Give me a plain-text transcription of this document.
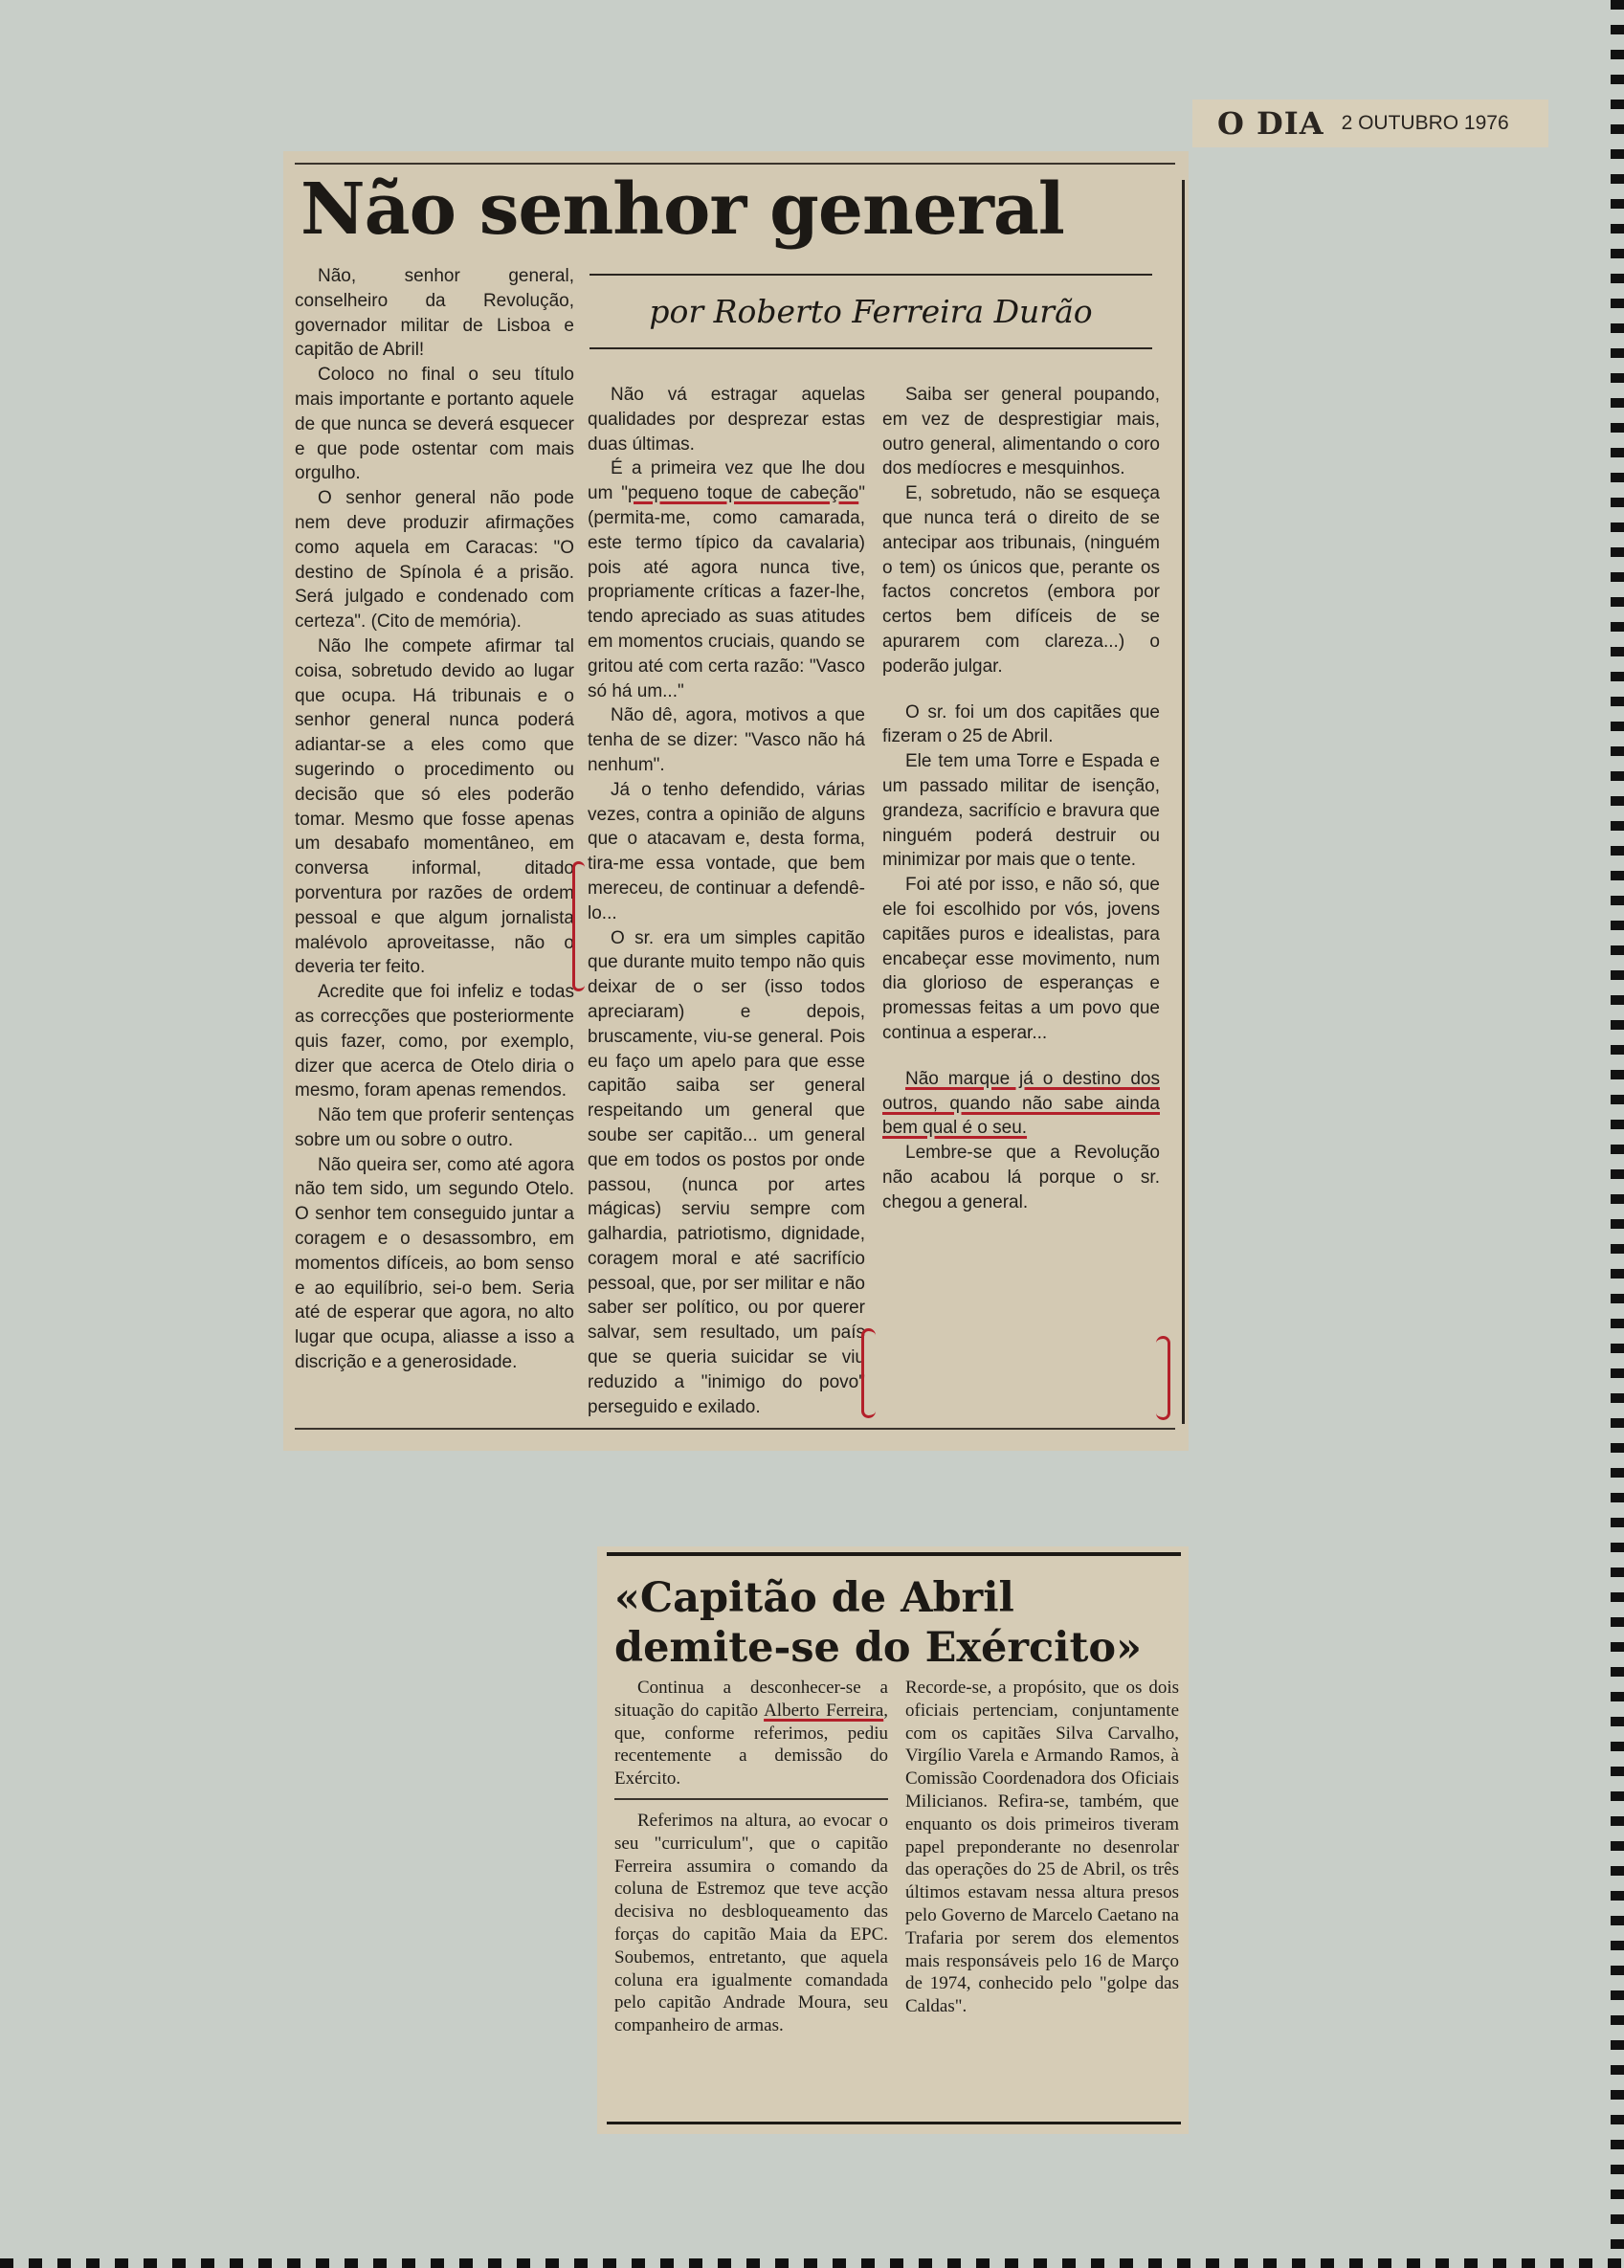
O DIA 2 OUTUBRO 1976
Não senhor general
por Roberto Ferreira Durão

Não, senhor general, conselheiro da Revolução, governador militar de Lisboa e capitão de Abril!

Coloco no final o seu título mais importante e portanto aquele de que nunca se deverá esquecer e que pode ostentar com mais orgulho.

O senhor general não pode nem deve produzir afirmações como aquela em Caracas: "O destino de Spínola é a prisão. Será julgado e condenado com certeza". (Cito de memória).

Não lhe compete afirmar tal coisa, sobretudo devido ao lugar que ocupa. Há tribunais e o senhor general nunca poderá adiantar-se a eles como que sugerindo o procedimento ou decisão que só eles poderão tomar. Mesmo que fosse apenas um desabafo momentâneo, em conversa informal, ditado porventura por razões de ordem pessoal e que algum jornalista malévolo aproveitasse, não o deveria ter feito.

Acredite que foi infeliz e todas as correcções que posteriormente quis fazer, como, por exemplo, dizer que acerca de Otelo diria o mesmo, foram apenas remendos.

Não tem que proferir sentenças sobre um ou sobre o outro.

Não queira ser, como até agora não tem sido, um segundo Otelo. O senhor tem conseguido juntar a coragem e o desassombro, em momentos difíceis, ao bom senso e ao equilíbrio, sei-o bem. Seria até de esperar que agora, no alto lugar que ocupa, aliasse a isso a discrição e a generosidade.

Não vá estragar aquelas qualidades por desprezar estas duas últimas.

É a primeira vez que lhe dou um "pequeno toque de cabeção" (permita-me, como camarada, este termo típico da cavalaria) pois até agora nunca tive, propriamente críticas a fazer-lhe, tendo apreciado as suas atitudes em momentos cruciais, quando se gritou até com certa razão: "Vasco só há um..."

Não dê, agora, motivos a que tenha de se dizer: "Vasco não há nenhum".

Já o tenho defendido, várias vezes, contra a opinião de alguns que o atacavam e, desta forma, tira-me essa vontade, que bem mereceu, de continuar a defendê-lo...

O sr. era um simples capitão que durante muito tempo não quis deixar de o ser (isso todos apreciaram) e depois, bruscamente, viu-se general. Pois eu faço um apelo para que esse capitão saiba ser general respeitando um general que soube ser capitão... um general que em todos os postos por onde passou, (nunca por artes mágicas) serviu sempre com galhardia, patriotismo, dignidade, coragem moral e até sacrifício pessoal, que, por ser militar e não saber ser político, ou por querer salvar, sem resultado, um país que se queria suicidar se viu reduzido a "inimigo do povo" perseguido e exilado.

Saiba ser general poupando, em vez de desprestigiar mais, outro general, alimentando o coro dos medíocres e mesquinhos.

E, sobretudo, não se esqueça que nunca terá o direito de se antecipar aos tribunais, (ninguém o tem) os únicos que, perante os factos concretos (embora por certos bem difíceis de se apurarem com clareza...) o poderão julgar.

O sr. foi um dos capitães que fizeram o 25 de Abril.

Ele tem uma Torre e Espada e um passado militar de isenção, grandeza, sacrifício e bravura que ninguém poderá destruir ou minimizar por mais que o tente.

Foi até por isso, e não só, que ele foi escolhido por vós, jovens capitães puros e idealistas, para encabeçar esse movimento, num dia glorioso de esperanças e promessas feitas a um povo que continua a esperar...

Não marque já o destino dos outros, quando não sabe ainda bem qual é o seu.

Lembre-se que a Revolução não acabou lá porque o sr. chegou a general.

«Capitão de Abril demite-se do Exército»

Continua a desconhecer-se a situação do capitão Alberto Ferreira, que, conforme referimos, pediu recentemente a demissão do Exército.

Referimos na altura, ao evocar o seu "curriculum", que o capitão Ferreira assumira o comando da coluna de Estremoz que teve acção decisiva no desbloqueamento das forças do capitão Maia da EPC. Soubemos, entretanto, que aquela coluna era igualmente comandada pelo capitão Andrade Moura, seu companheiro de armas.

Recorde-se, a propósito, que os dois oficiais pertenciam, conjuntamente com os capitães Silva Carvalho, Virgílio Varela e Armando Ramos, à Comissão Coordenadora dos Oficiais Milicianos. Refira-se, também, que enquanto os dois primeiros tiveram papel preponderante no desenrolar das operações do 25 de Abril, os três últimos estavam nessa altura presos pelo Governo de Marcelo Caetano na Trafaria por serem dos elementos mais responsáveis pelo 16 de Março de 1974, conhecido pelo "golpe das Caldas".
